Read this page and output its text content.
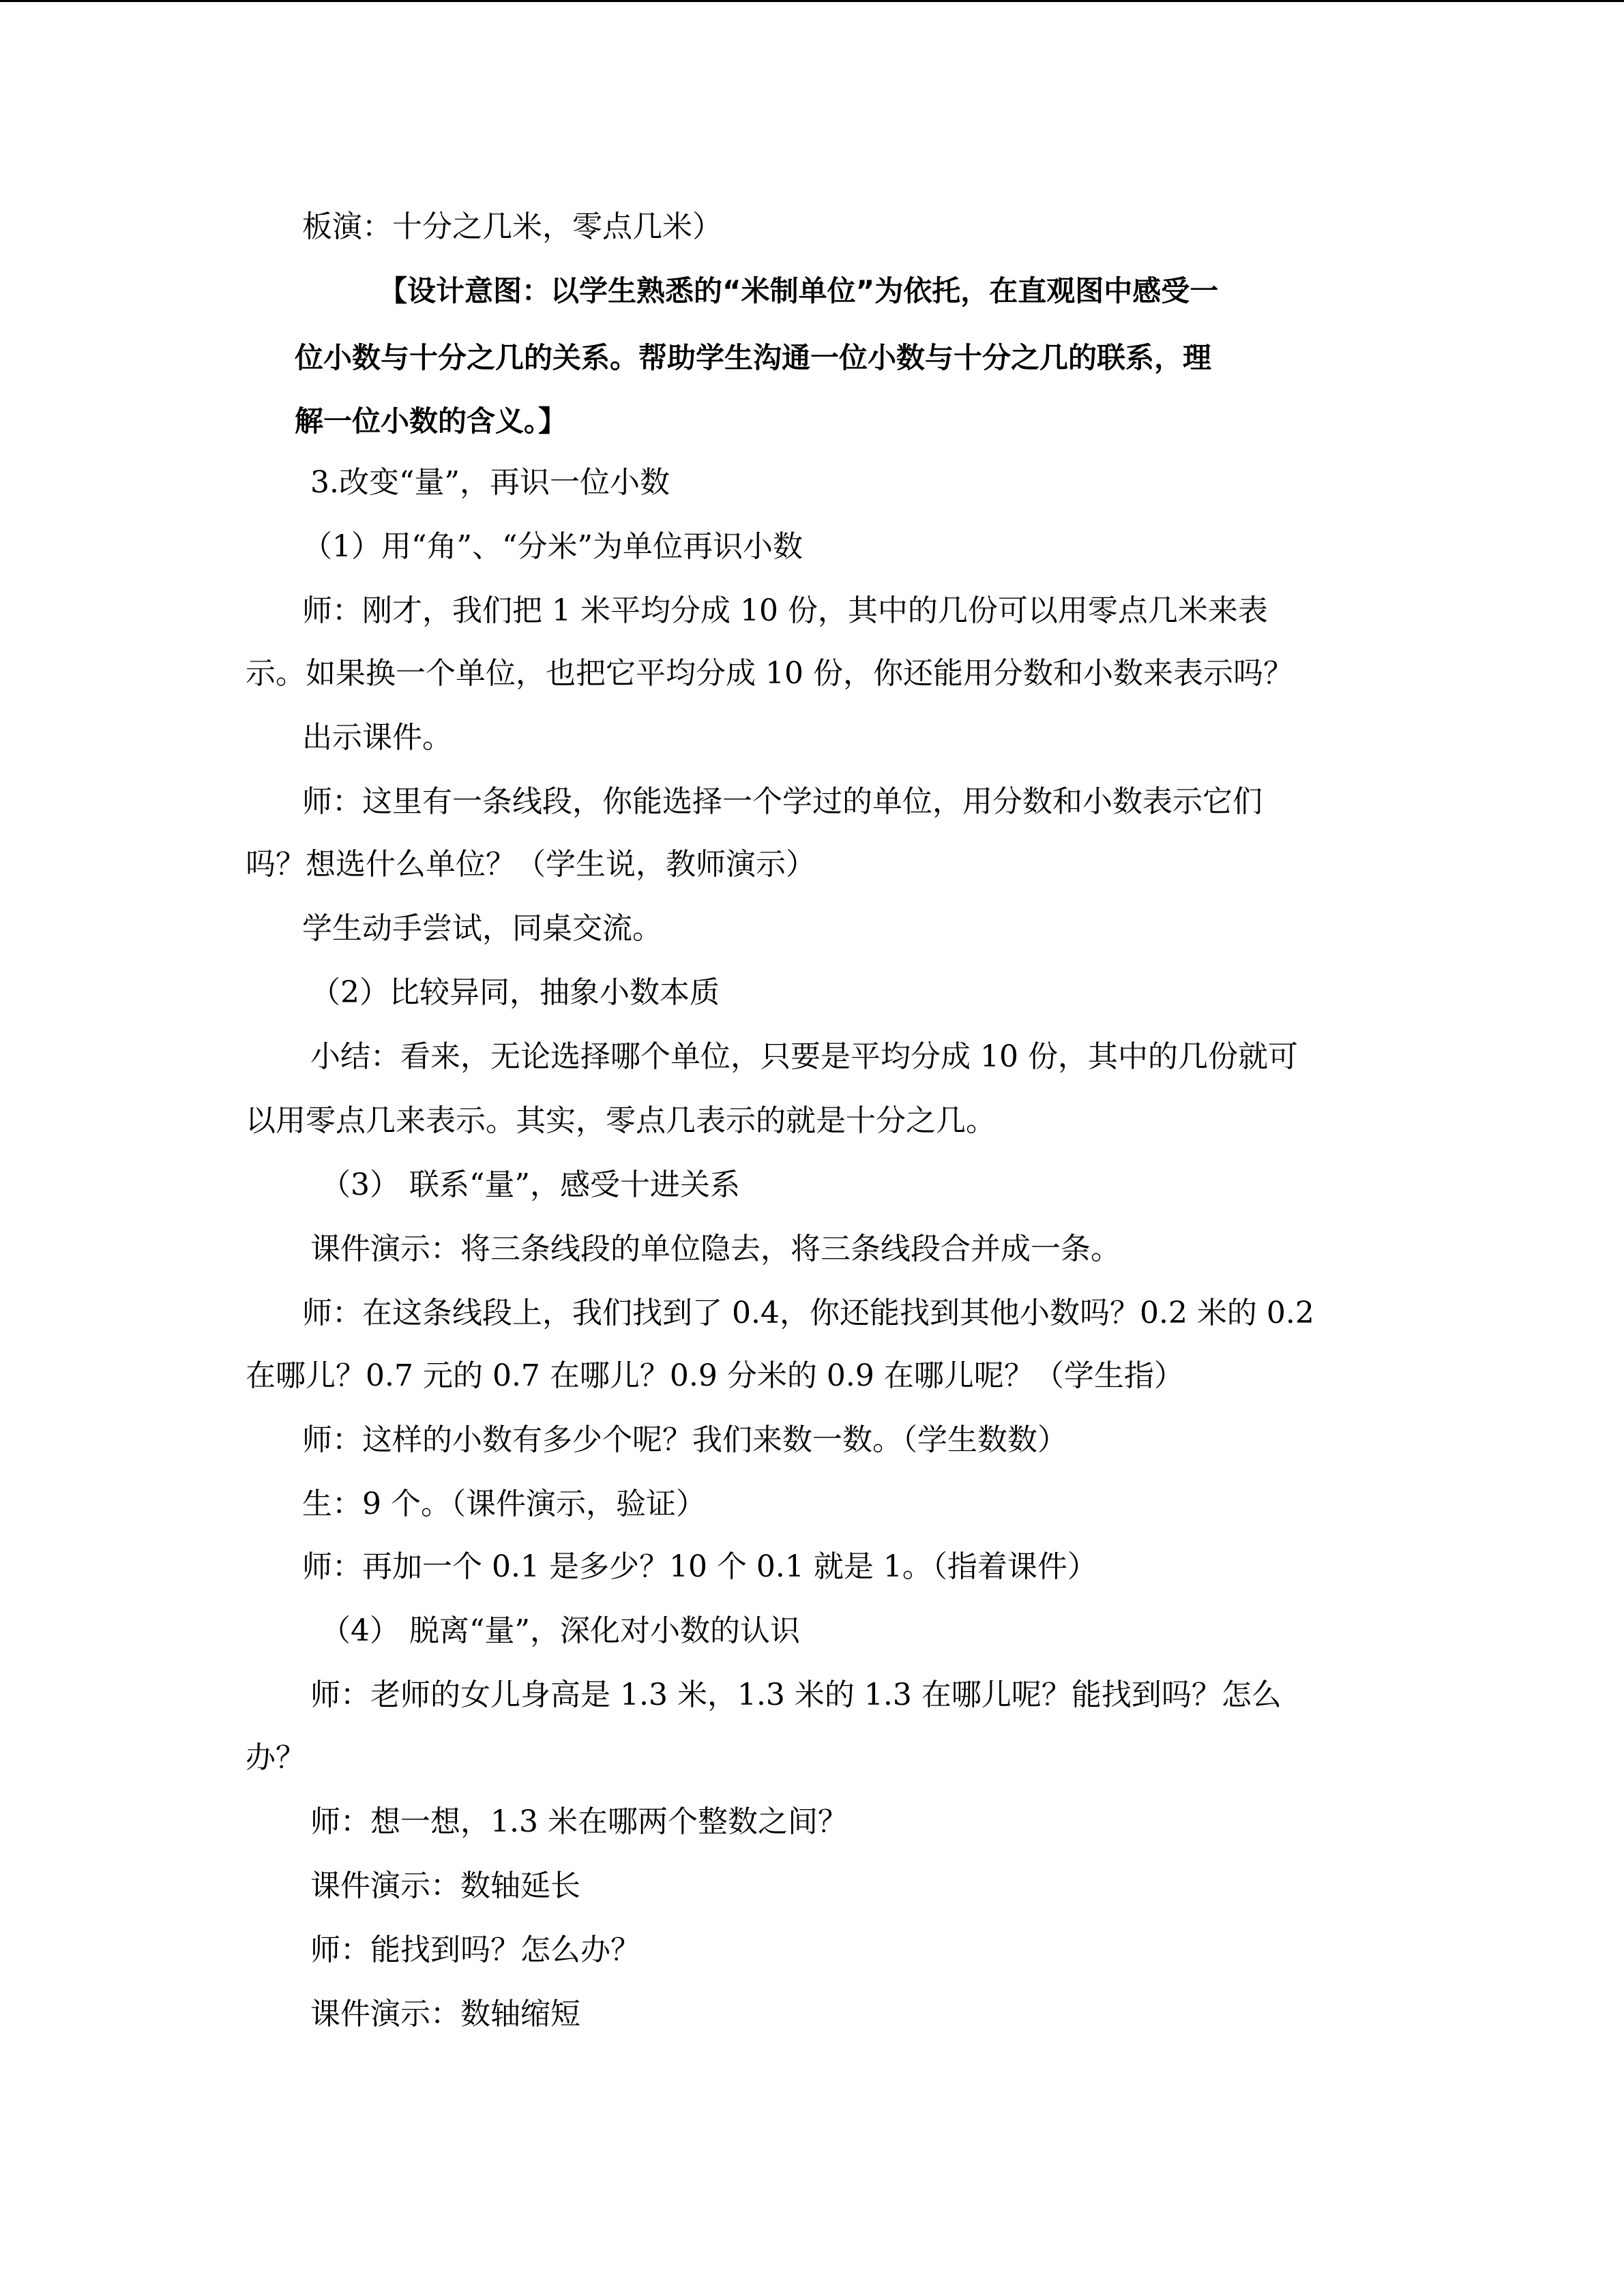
板演：十分之几米，零点几米）
【设计意图：以学生熟悉的“米制单位”为依托，在直观图中感受一
位小数与十分之几的关系。帮助学生沟通一位小数与十分之几的联系，理
解一位小数的含义。】
3.改变“量”，再识一位小数
（1）用“角”、“分米”为单位再识小数
师：刚才，我们把 1 米平均分成 10 份，其中的几份可以用零点几米来表
示。如果换一个单位，也把它平均分成 10 份，你还能用分数和小数来表示吗？
出示课件。
师：这里有一条线段，你能选择一个学过的单位，用分数和小数表示它们
吗？想选什么单位？（学生说，教师演示）
学生动手尝试，同桌交流。
（2）比较异同，抽象小数本质
小结：看来，无论选择哪个单位，只要是平均分成 10 份，其中的几份就可
以用零点几来表示。其实，零点几表示的就是十分之几。
（3） 联系“量”，感受十进关系
课件演示：将三条线段的单位隐去，将三条线段合并成一条。
师：在这条线段上，我们找到了 0.4，你还能找到其他小数吗？0.2 米的 0.2
在哪儿？0.7 元的 0.7 在哪儿？0.9 分米的 0.9 在哪儿呢？（学生指）
师：这样的小数有多少个呢？我们来数一数。（学生数数）
生：9 个。（课件演示，验证）
师：再加一个 0.1 是多少？10 个 0.1 就是 1。（指着课件）
（4） 脱离“量”，深化对小数的认识
师：老师的女儿身高是 1.3 米，1.3 米的 1.3 在哪儿呢？能找到吗？怎么
办？
师：想一想，1.3 米在哪两个整数之间？
课件演示：数轴延长
师：能找到吗？怎么办？
课件演示：数轴缩短
